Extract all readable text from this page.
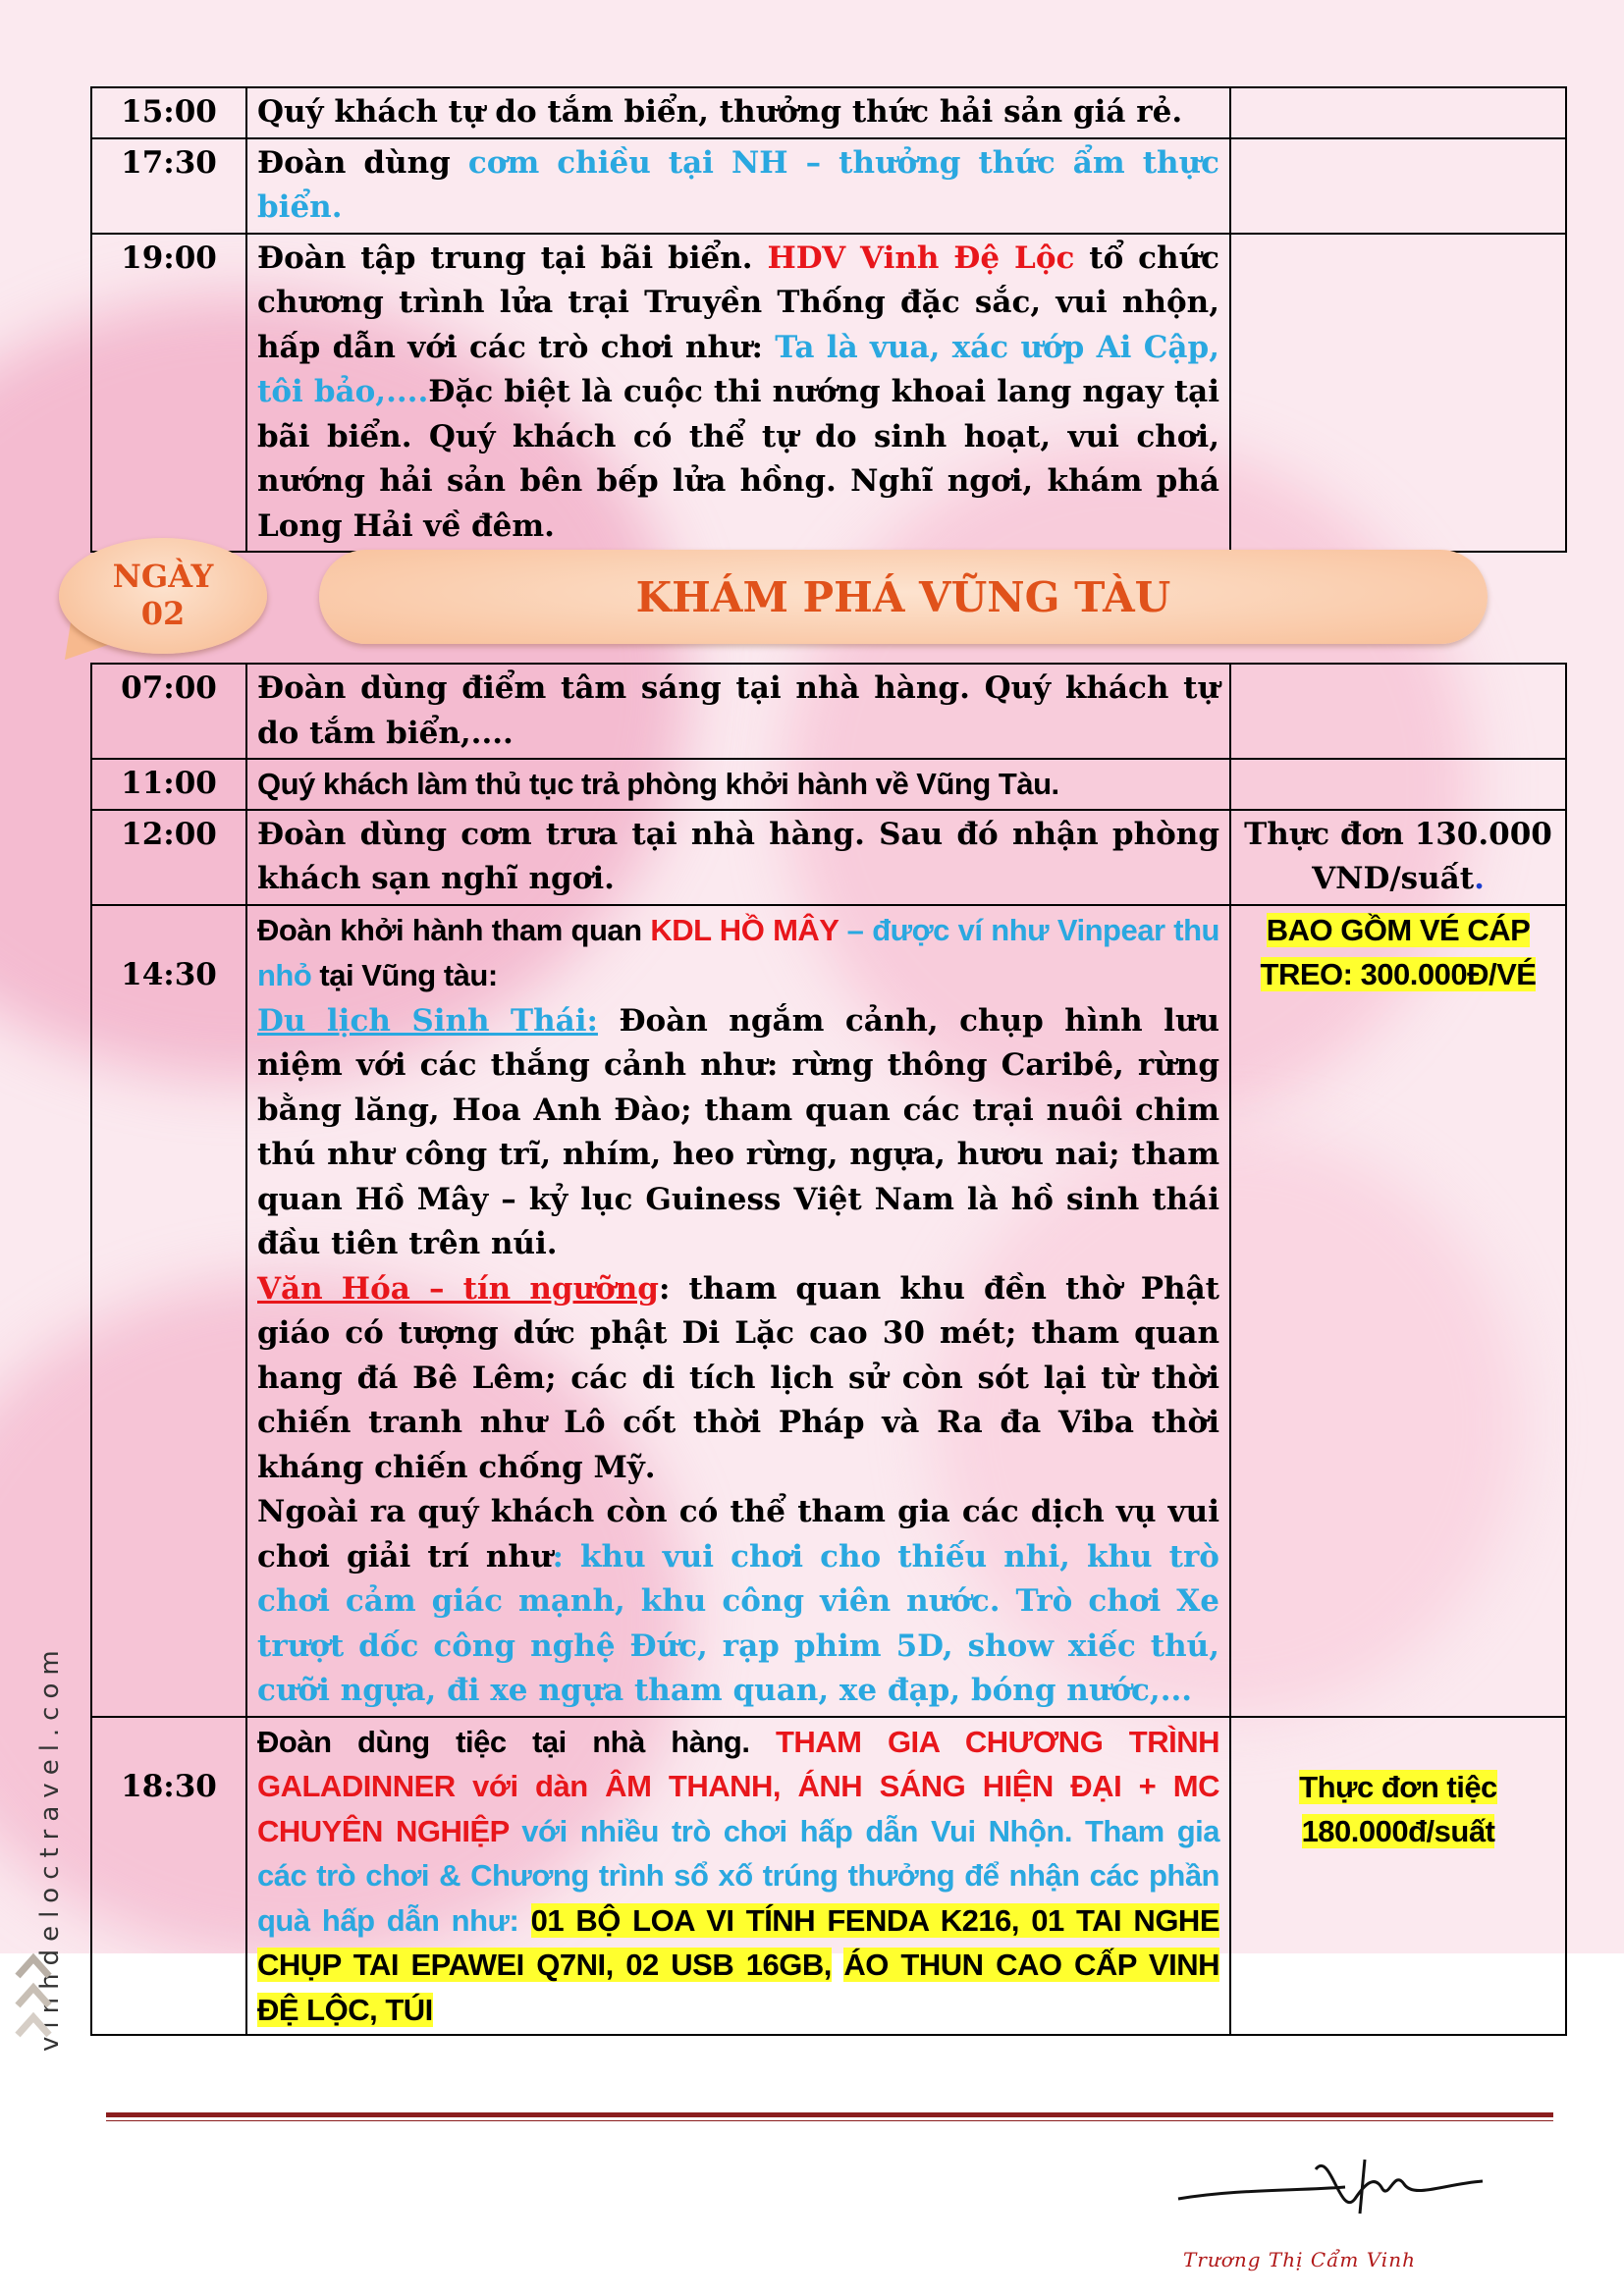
15:00	Quý khách tự do tắm biển, thưởng thức hải sản giá rẻ.	
17:30	Đoàn dùng cơm chiều tại NH – thưởng thức ẩm thực biển.	
19:00	Đoàn tập trung tại bãi biển. HDV Vinh Đệ Lộc tổ chức chương trình lửa trại Truyền Thống đặc sắc, vui nhộn, hấp dẫn với các trò chơi như: Ta là vua, xác ướp Ai Cập, tôi bảo,....Đặc biệt là cuộc thi nướng khoai lang ngay tại bãi biển. Quý khách có thể tự do sinh hoạt, vui chơi, nướng hải sản bên bếp lửa hồng. Nghĩ ngơi, khám phá Long Hải về đêm.	

07:00	Đoàn dùng điểm tâm sáng tại nhà hàng. Quý khách tự do tắm biển,....	
11:00	Quý khách làm thủ tục trả phòng khởi hành về Vũng Tàu.	
12:00	Đoàn dùng cơm trưa tại nhà hàng. Sau đó nhận phòng khách sạn nghĩ ngơi.	Thực đơn 130.000 VND/suất.
14:30	Đoàn khởi hành tham quan KDL HỒ MÂY – được ví như Vinpear thu nhỏ tại Vũng tàu:
Du lịch Sinh Thái: Đoàn ngắm cảnh, chụp hình lưu niệm với các thắng cảnh như: rừng thông Caribê, rừng bằng lăng, Hoa Anh Đào; tham quan các trại nuôi chim thú như công trĩ, nhím, heo rừng, ngựa, hươu nai; tham quan Hồ Mây – kỷ lục Guiness Việt Nam là hồ sinh thái đầu tiên trên núi.
Văn Hóa – tín ngưỡng: tham quan khu đền thờ Phật giáo có tượng dức phật Di Lặc cao 30 mét; tham quan hang đá Bê Lêm; các di tích lịch sử còn sót lại từ thời chiến tranh như Lô cốt thời Pháp và Ra đa Viba thời kháng chiến chống Mỹ.
Ngoài ra quý khách còn có thể tham gia các dịch vụ vui chơi giải trí như: khu vui chơi cho thiếu nhi, khu trò chơi cảm giác mạnh, khu công viên nước. Trò chơi Xe trượt dốc công nghệ Đức, rạp phim 5D, show xiếc thú, cưỡi ngựa, đi xe ngựa tham quan, xe đạp, bóng nước,...	BAO GỒM VÉ CÁP TREO: 300.000Đ/VÉ
18:30	Đoàn dùng tiệc tại nhà hàng. THAM GIA CHƯƠNG TRÌNH GALADINNER với dàn ÂM THANH, ÁNH SÁNG HIỆN ĐẠI + MC CHUYÊN NGHIỆP với nhiều trò chơi hấp dẫn Vui Nhộn. Tham gia các trò chơi & Chương trình sổ xố trúng thưởng để nhận các phần quà hấp dẫn như: 01 BỘ LOA VI TÍNH FENDA K216, 01 TAI NGHE CHỤP TAI EPAWEI Q7NI, 02 USB 16GB, ÁO THUN CAO CẤP VINH ĐỆ LỘC, TÚI	Thực đơn tiệc 180.000đ/suất
NGÀY
02	KHÁM PHÁ VŨNG TÀU
vinhdeloctravel.com
Trương Thị Cẩm Vinh
